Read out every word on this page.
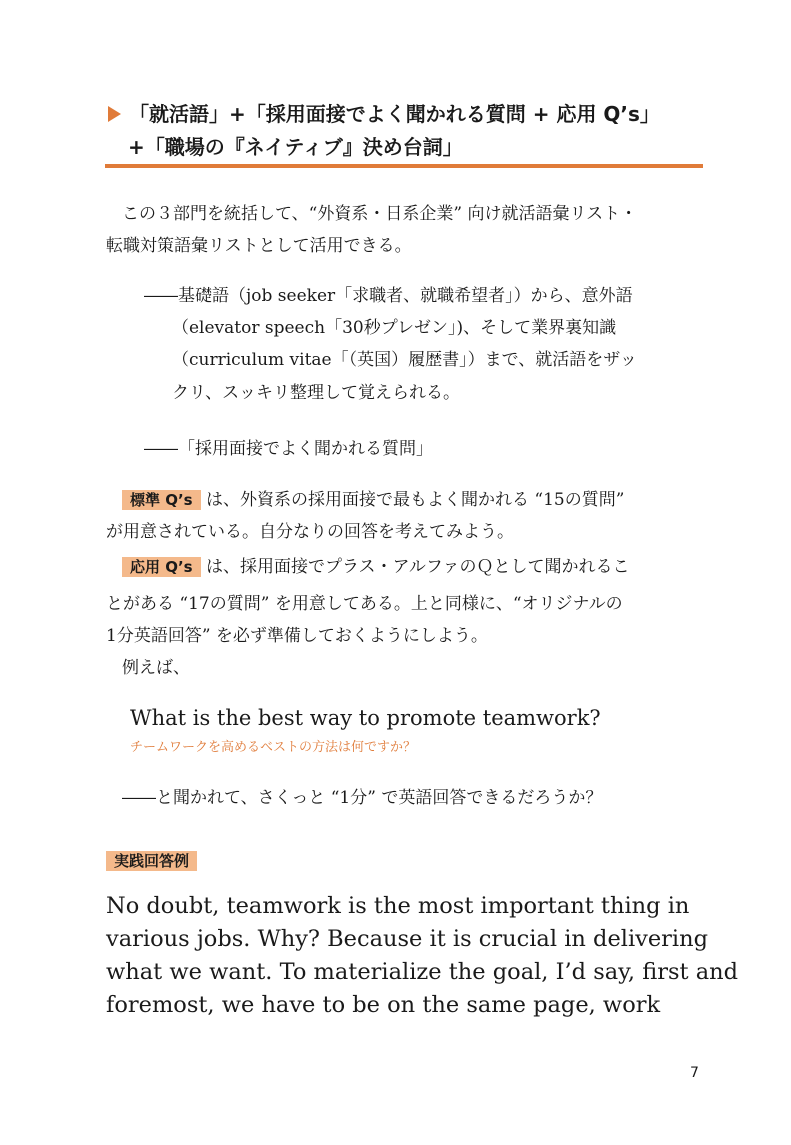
「就活語」+「採用面接でよく聞かれる質問 + 応用 Q’s」
+「職場の『ネイティブ』決め台詞」
この３部門を統括して、“外資系・日系企業” 向け就活語彙リスト・
転職対策語彙リストとして活用できる。
――基礎語（job seeker「求職者、就職希望者」）から、意外語
（elevator speech「30秒プレゼン」)、そして業界裏知識
（curriculum vitae「（英国）履歴書」）まで、就活語をザッ
クリ、スッキリ整理して覚えられる。
――「採用面接でよく聞かれる質問」
標準 Q’s は、外資系の採用面接で最もよく聞かれる “15の質問”
が用意されている。自分なりの回答を考えてみよう。
応用 Q’s は、採用面接でプラス・アルファのＱとして聞かれるこ
とがある “17の質問” を用意してある。上と同様に、“オリジナルの
1分英語回答” を必ず準備しておくようにしよう。
例えば、
What is the best way to promote teamwork?
チームワークを高めるベストの方法は何ですか？
――と聞かれて、さくっと “1分” で英語回答できるだろうか？
実践回答例
No doubt, teamwork is the most important thing in
various jobs. Why? Because it is crucial in delivering
what we want. To materialize the goal, I’d say, first and
foremost, we have to be on the same page, work
7
